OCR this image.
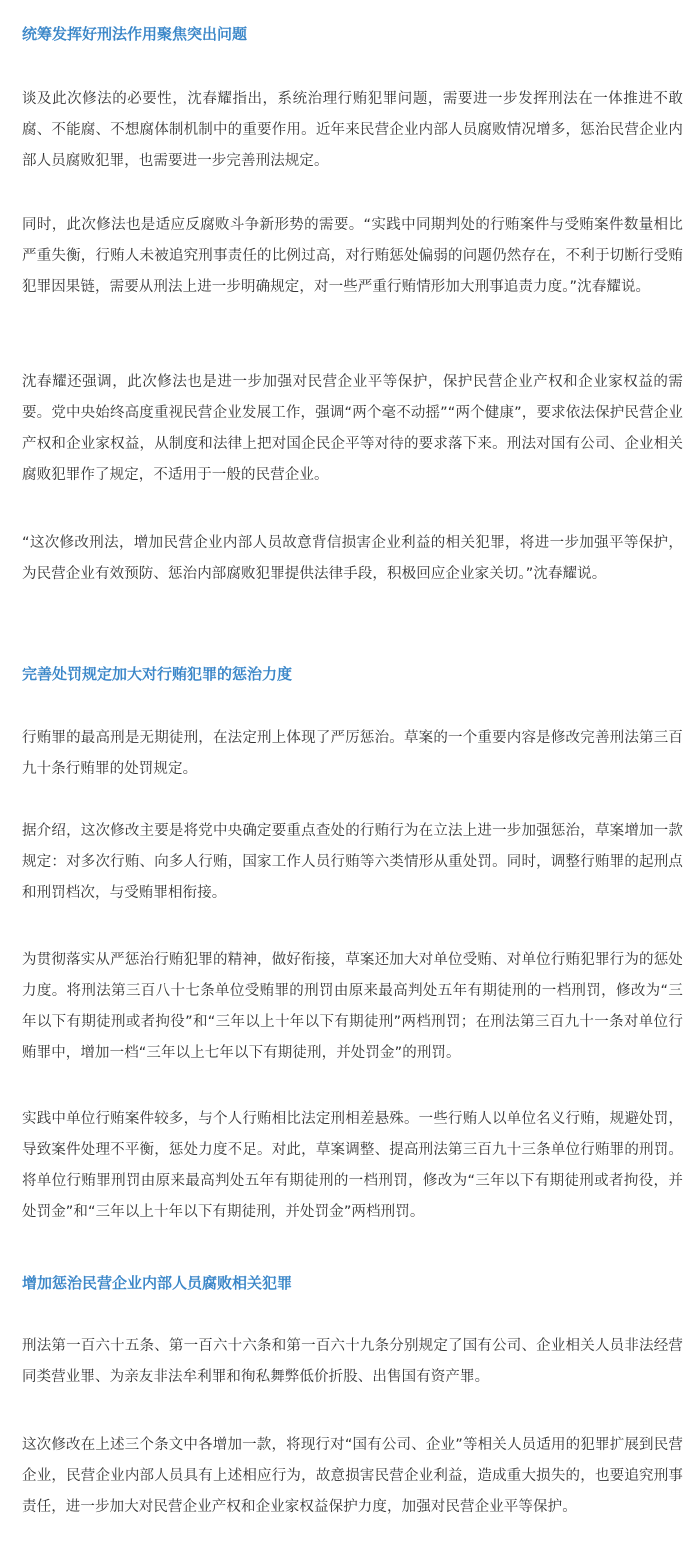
统筹发挥好刑法作用聚焦突出问题

谈及此次修法的必要性，沈春耀指出，系统治理行贿犯罪问题，需要进一步发挥刑法在一体推进不敢腐、不能腐、不想腐体制机制中的重要作用。近年来民营企业内部人员腐败情况增多，惩治民营企业内部人员腐败犯罪，也需要进一步完善刑法规定。

同时，此次修法也是适应反腐败斗争新形势的需要。“实践中同期判处的行贿案件与受贿案件数量相比严重失衡，行贿人未被追究刑事责任的比例过高，对行贿惩处偏弱的问题仍然存在，不利于切断行受贿犯罪因果链，需要从刑法上进一步明确规定，对一些严重行贿情形加大刑事追责力度。”沈春耀说。

沈春耀还强调，此次修法也是进一步加强对民营企业平等保护，保护民营企业产权和企业家权益的需要。党中央始终高度重视民营企业发展工作，强调“两个毫不动摇”“两个健康”，要求依法保护民营企业产权和企业家权益，从制度和法律上把对国企民企平等对待的要求落下来。刑法对国有公司、企业相关腐败犯罪作了规定，不适用于一般的民营企业。

“这次修改刑法，增加民营企业内部人员故意背信损害企业利益的相关犯罪，将进一步加强平等保护，为民营企业有效预防、惩治内部腐败犯罪提供法律手段，积极回应企业家关切。”沈春耀说。

完善处罚规定加大对行贿犯罪的惩治力度

行贿罪的最高刑是无期徒刑，在法定刑上体现了严厉惩治。草案的一个重要内容是修改完善刑法第三百九十条行贿罪的处罚规定。

据介绍，这次修改主要是将党中央确定要重点查处的行贿行为在立法上进一步加强惩治，草案增加一款规定：对多次行贿、向多人行贿，国家工作人员行贿等六类情形从重处罚。同时，调整行贿罪的起刑点和刑罚档次，与受贿罪相衔接。

为贯彻落实从严惩治行贿犯罪的精神，做好衔接，草案还加大对单位受贿、对单位行贿犯罪行为的惩处力度。将刑法第三百八十七条单位受贿罪的刑罚由原来最高判处五年有期徒刑的一档刑罚，修改为“三年以下有期徒刑或者拘役”和“三年以上十年以下有期徒刑”两档刑罚；在刑法第三百九十一条对单位行贿罪中，增加一档“三年以上七年以下有期徒刑，并处罚金”的刑罚。

实践中单位行贿案件较多，与个人行贿相比法定刑相差悬殊。一些行贿人以单位名义行贿，规避处罚，导致案件处理不平衡，惩处力度不足。对此，草案调整、提高刑法第三百九十三条单位行贿罪的刑罚。将单位行贿罪刑罚由原来最高判处五年有期徒刑的一档刑罚，修改为“三年以下有期徒刑或者拘役，并处罚金”和“三年以上十年以下有期徒刑，并处罚金”两档刑罚。

增加惩治民营企业内部人员腐败相关犯罪

刑法第一百六十五条、第一百六十六条和第一百六十九条分别规定了国有公司、企业相关人员非法经营同类营业罪、为亲友非法牟利罪和徇私舞弊低价折股、出售国有资产罪。

这次修改在上述三个条文中各增加一款，将现行对“国有公司、企业”等相关人员适用的犯罪扩展到民营企业，民营企业内部人员具有上述相应行为，故意损害民营企业利益，造成重大损失的，也要追究刑事责任，进一步加大对民营企业产权和企业家权益保护力度，加强对民营企业平等保护。
